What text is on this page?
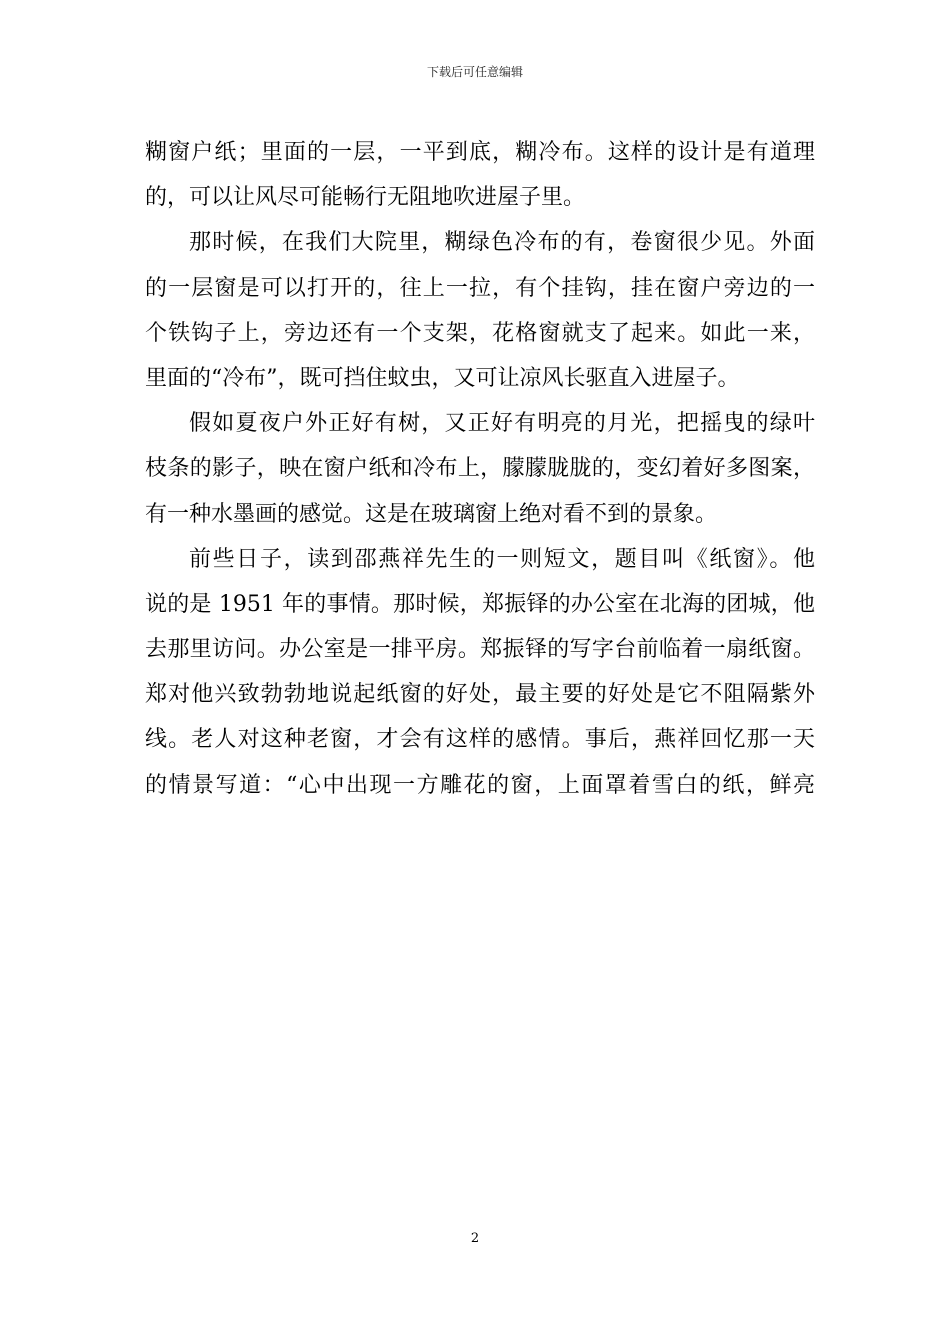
下载后可任意编辑
糊窗户纸；里面的一层，一平到底，糊冷布。这样的设计是有道理
的，可以让风尽可能畅行无阻地吹进屋子里。
那时候，在我们大院里，糊绿色冷布的有，卷窗很少见。外面
的一层窗是可以打开的，往上一拉，有个挂钩，挂在窗户旁边的一
个铁钩子上，旁边还有一个支架，花格窗就支了起来。如此一来，
里面的“冷布”，既可挡住蚊虫，又可让凉风长驱直入进屋子。
假如夏夜户外正好有树，又正好有明亮的月光，把摇曳的绿叶
枝条的影子，映在窗户纸和冷布上，朦朦胧胧的，变幻着好多图案，
有一种水墨画的感觉。这是在玻璃窗上绝对看不到的景象。
前些日子，读到邵燕祥先生的一则短文，题目叫《纸窗》。他
说的是 1951 年的事情。那时候，郑振铎的办公室在北海的团城，他
去那里访问。办公室是一排平房。郑振铎的写字台前临着一扇纸窗。
郑对他兴致勃勃地说起纸窗的好处，最主要的好处是它不阻隔紫外
线。老人对这种老窗，才会有这样的感情。事后，燕祥回忆那一天
的情景写道：“心中出现一方雕花的窗，上面罩着雪白的纸，鲜亮
2
